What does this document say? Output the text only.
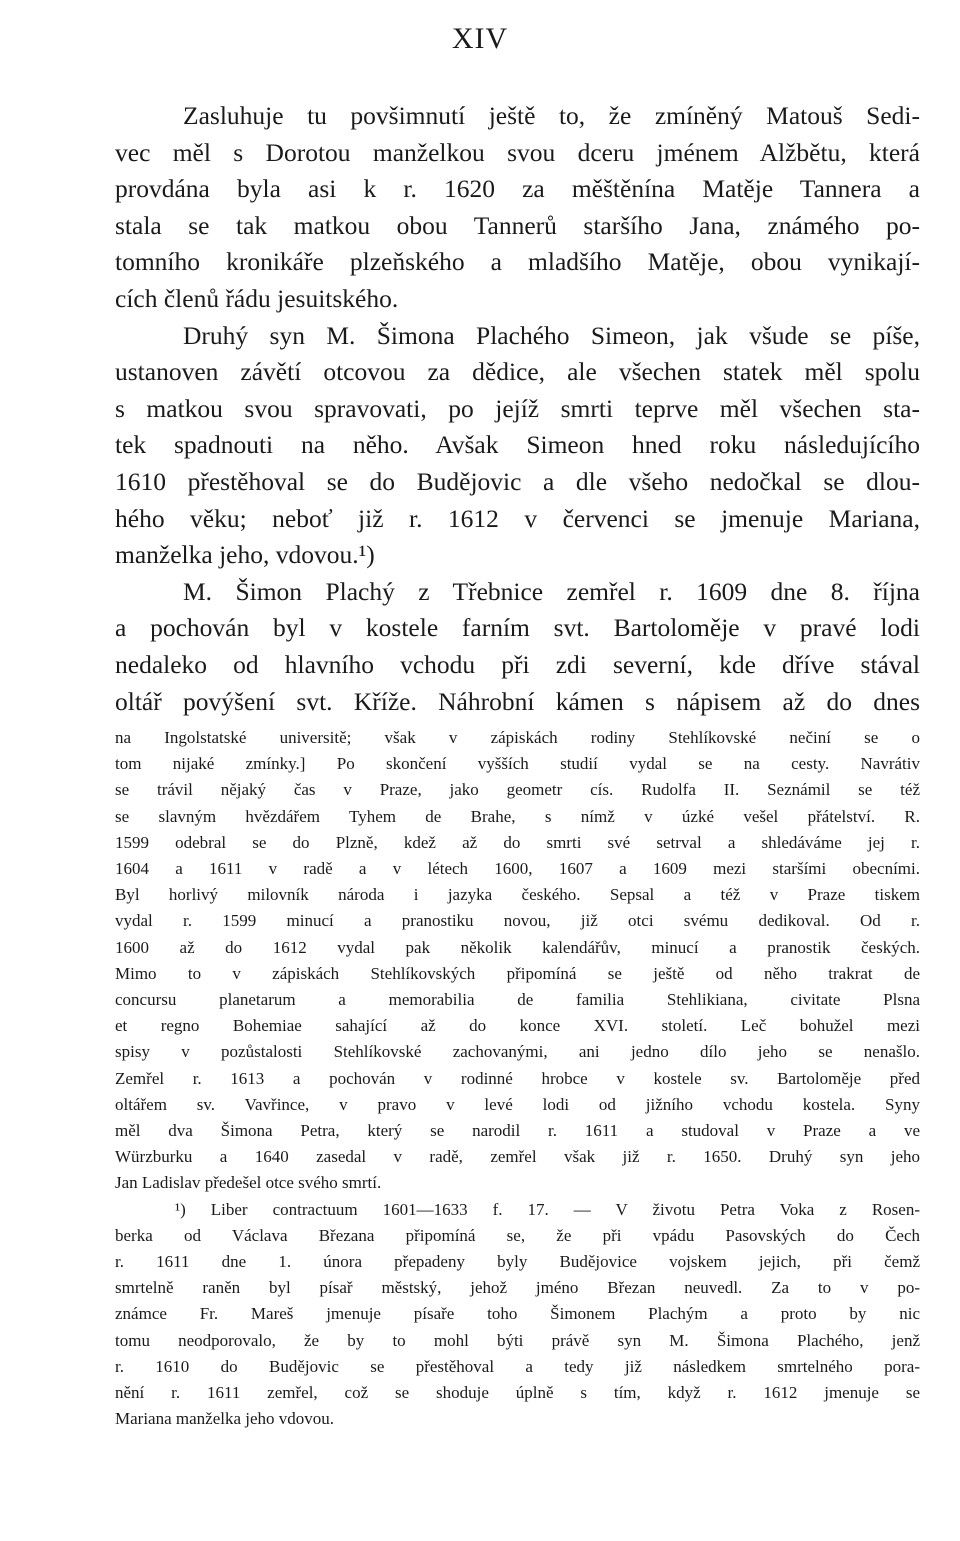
XIV
Zasluhuje tu povšimnutí ještě to, že zmíněný Matouš Sedi-
vec měl s Dorotou manželkou svou dceru jménem Alžbětu, která
provdána byla asi k r. 1620 za měštěnína Matěje Tannera a
stala se tak matkou obou Tannerů staršího Jana, známého po-
tomního kronikáře plzeňského a mladšího Matěje, obou vynikají-
cích členů řádu jesuitského.
Druhý syn M. Šimona Plachého Simeon, jak všude se píše,
ustanoven závětí otcovou za dědice, ale všechen statek měl spolu
s matkou svou spravovati, po jejíž smrti teprve měl všechen sta-
tek spadnouti na něho. Avšak Simeon hned roku následujícího
1610 přestěhoval se do Budějovic a dle všeho nedočkal se dlou-
hého věku; neboť již r. 1612 v červenci se jmenuje Mariana,
manželka jeho, vdovou.¹)
M. Šimon Plachý z Třebnice zemřel r. 1609 dne 8. října
a pochován byl v kostele farním svt. Bartoloměje v pravé lodi
nedaleko od hlavního vchodu při zdi severní, kde dříve stával
oltář povýšení svt. Kříže. Náhrobní kámen s nápisem až do dnes
na Ingolstatské universitě; však v zápiskách rodiny Stehlíkovské nečiní se o
tom nijaké zmínky.] Po skončení vyšších studií vydal se na cesty. Navrátiv
se trávil nějaký čas v Praze, jako geometr cís. Rudolfa II. Seznámil se též
se slavným hvězdářem Tyhem de Brahe, s nímž v úzké vešel přátelství. R.
1599 odebral se do Plzně, kdež až do smrti své setrval a shledáváme jej r.
1604 a 1611 v radě a v létech 1600, 1607 a 1609 mezi staršími obecními.
Byl horlivý milovník národa i jazyka českého. Sepsal a též v Praze tiskem
vydal r. 1599 minucí a pranostiku novou, již otci svému dedikoval. Od r.
1600 až do 1612 vydal pak několik kalendářův, minucí a pranostik českých.
Mimo to v zápiskách Stehlíkovských připomíná se ještě od něho trakrat de
concursu planetarum a memorabilia de familia Stehlikiana, civitate Plsna
et regno Bohemiae sahající až do konce XVI. století. Leč bohužel mezi
spisy v pozůstalosti Stehlíkovské zachovanými, ani jedno dílo jeho se nenašlo.
Zemřel r. 1613 a pochován v rodinné hrobce v kostele sv. Bartoloměje před
oltářem sv. Vavřince, v pravo v levé lodi od jižního vchodu kostela. Syny
měl dva Šimona Petra, který se narodil r. 1611 a studoval v Praze a ve
Würzburku a 1640 zasedal v radě, zemřel však již r. 1650. Druhý syn jeho
Jan Ladislav předešel otce svého smrtí.
¹) Liber contractuum 1601—1633 f. 17. — V životu Petra Voka z Rosen-
berka od Václava Březana připomíná se, že při vpádu Pasovských do Čech
r. 1611 dne 1. února přepadeny byly Budějovice vojskem jejich, při čemž
smrtelně raněn byl písař městský, jehož jméno Březan neuvedl. Za to v po-
známce Fr. Mareš jmenuje písaře toho Šimonem Plachým a proto by nic
tomu neodporovalo, že by to mohl býti právě syn M. Šimona Plachého, jenž
r. 1610 do Budějovic se přestěhoval a tedy již následkem smrtelného pora-
nění r. 1611 zemřel, což se shoduje úplně s tím, když r. 1612 jmenuje se
Mariana manželka jeho vdovou.
